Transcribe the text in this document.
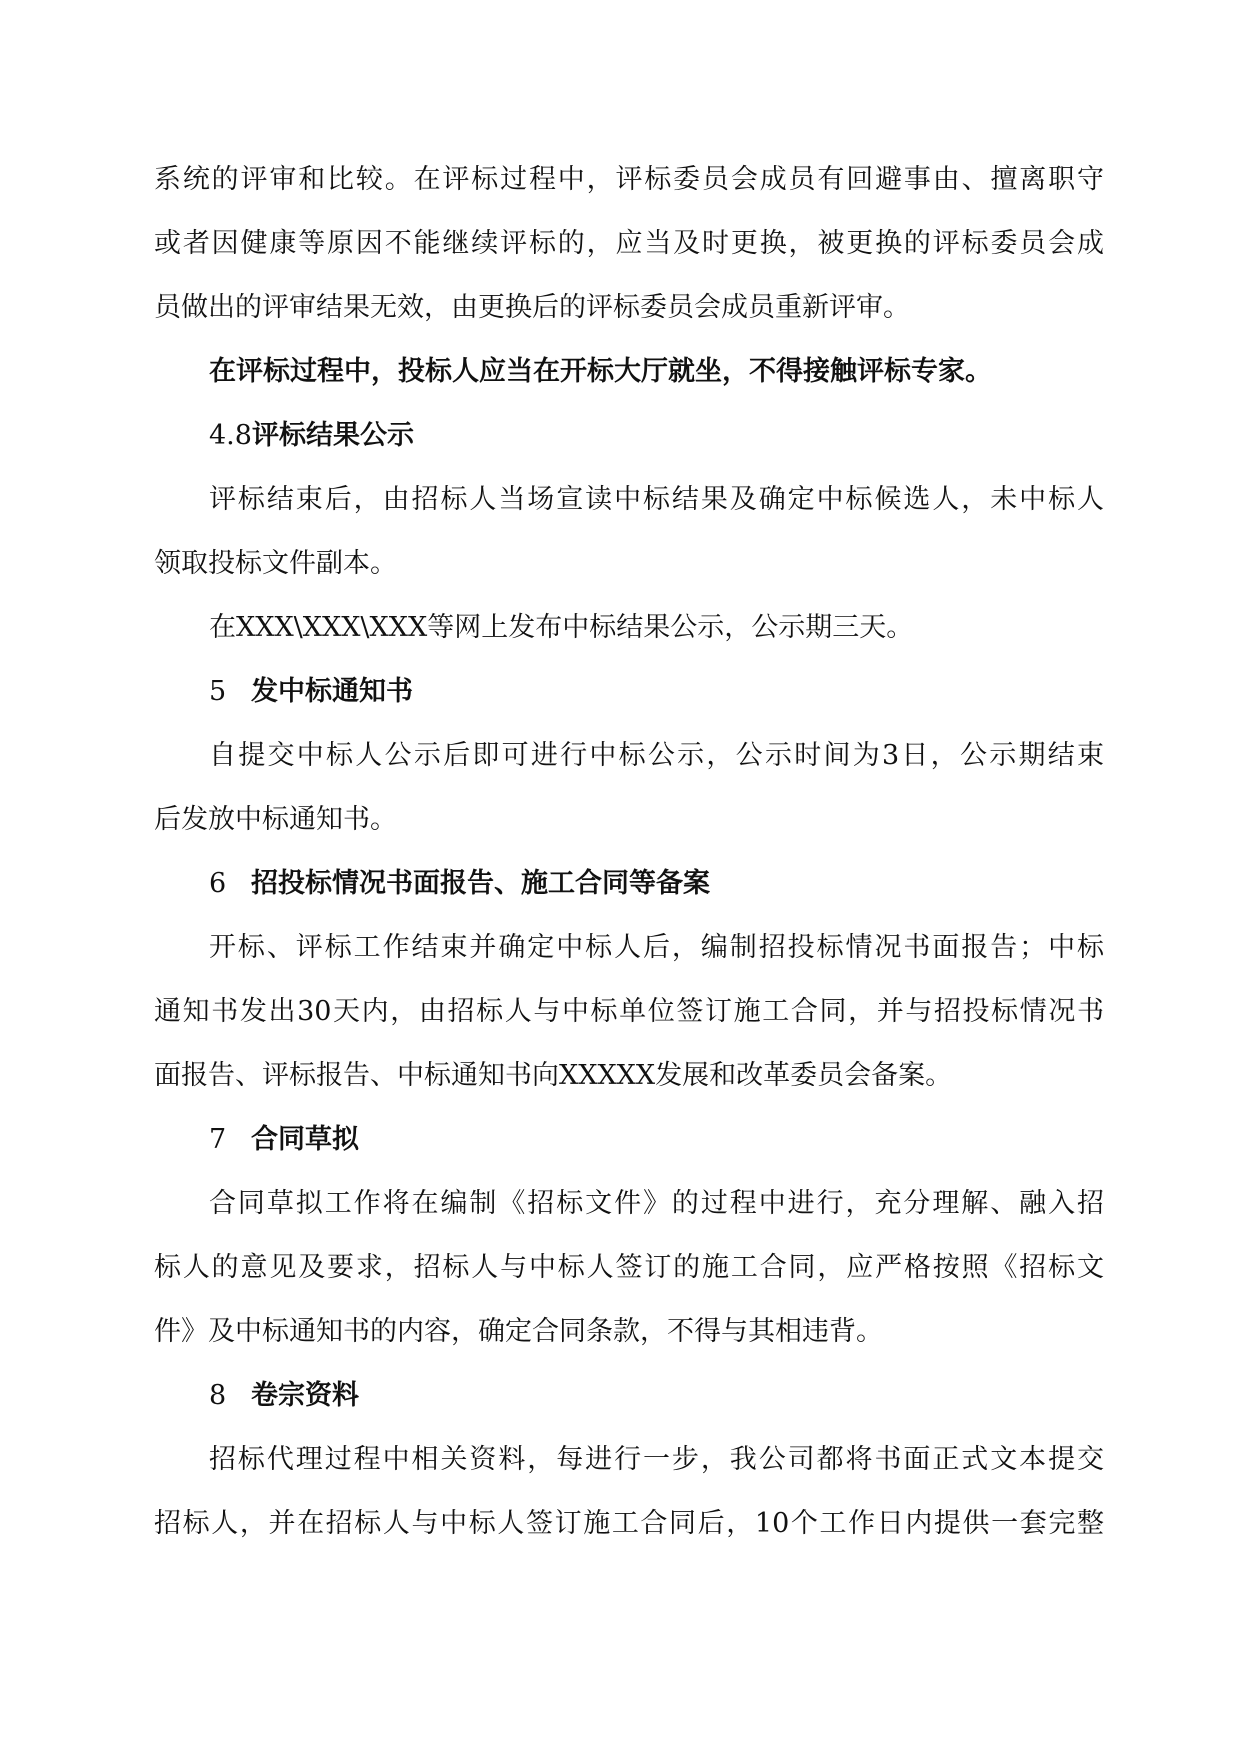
系统的评审和比较。在评标过程中，评标委员会成员有回避事由、擅离职守
或者因健康等原因不能继续评标的，应当及时更换，被更换的评标委员会成
员做出的评审结果无效，由更换后的评标委员会成员重新评审。
在评标过程中，投标人应当在开标大厅就坐，不得接触评标专家。
4.8评标结果公示
评标结束后，由招标人当场宣读中标结果及确定中标候选人，未中标人
领取投标文件副本。
在XXX\XXX\XXX等网上发布中标结果公示，公示期三天。
5 发中标通知书
自提交中标人公示后即可进行中标公示，公示时间为3日，公示期结束
后发放中标通知书。
6 招投标情况书面报告、施工合同等备案
开标、评标工作结束并确定中标人后，编制招投标情况书面报告；中标
通知书发出30天内，由招标人与中标单位签订施工合同，并与招投标情况书
面报告、评标报告、中标通知书向XXXXX发展和改革委员会备案。
7 合同草拟
合同草拟工作将在编制《招标文件》的过程中进行，充分理解、融入招
标人的意见及要求，招标人与中标人签订的施工合同，应严格按照《招标文
件》及中标通知书的内容，确定合同条款，不得与其相违背。
8 卷宗资料
招标代理过程中相关资料，每进行一步，我公司都将书面正式文本提交
招标人，并在招标人与中标人签订施工合同后，10个工作日内提供一套完整
